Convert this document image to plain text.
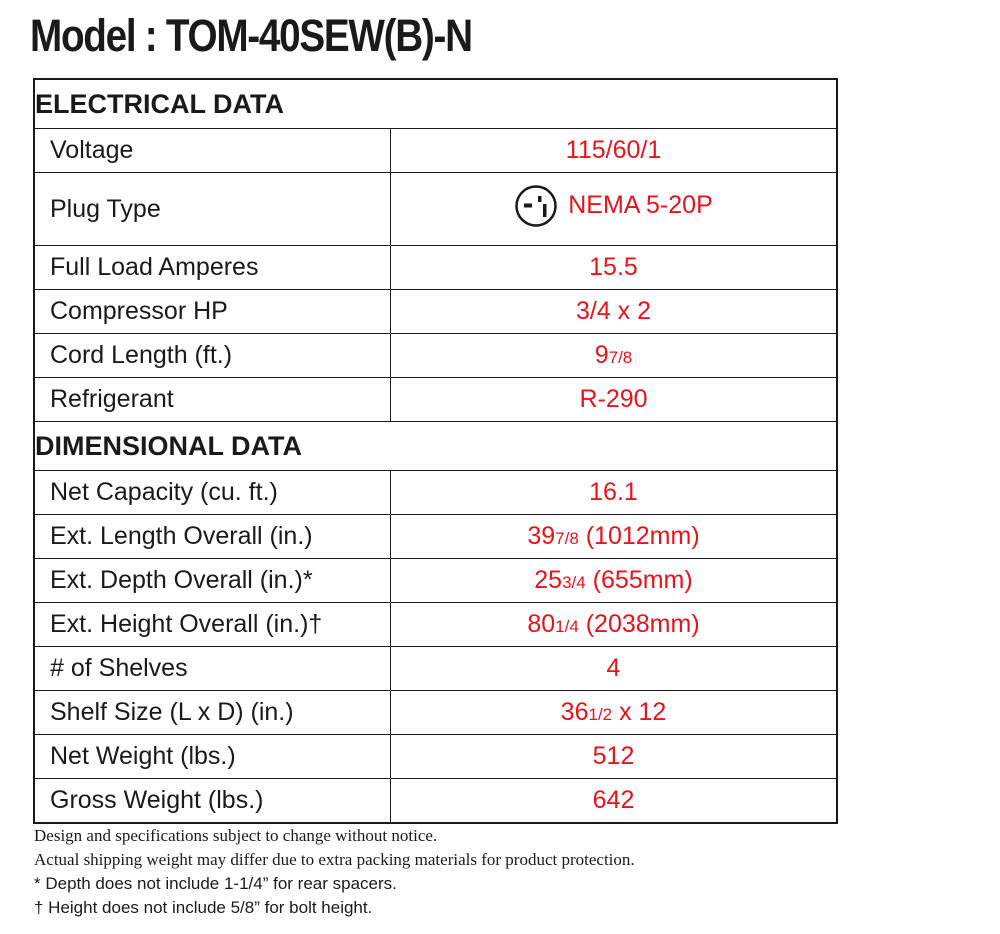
Model : TOM-40SEW(B)-N
ELECTRICAL DATA	
Voltage	115/60/1
Plug Type	NEMA 5-20P

Full Load Amperes	15.5
Compressor HP	3/4 x 2
Cord Length (ft.)	97/8
Refrigerant	R-290
DIMENSIONAL DATA	
Net Capacity (cu. ft.)	16.1
Ext. Length Overall (in.)	397/8 (1012mm)
Ext. Depth Overall (in.)*	253/4 (655mm)
Ext. Height Overall (in.)†	801/4 (2038mm)
# of Shelves	4
Shelf Size (L x D) (in.)	361/2 x 12
Net Weight (lbs.)	512
Gross Weight (lbs.)	642
Design and specifications subject to change without notice.
Actual shipping weight may differ due to extra packing materials for product protection.
* Depth does not include 1-1/4” for rear spacers.
† Height does not include 5/8” for bolt height.
